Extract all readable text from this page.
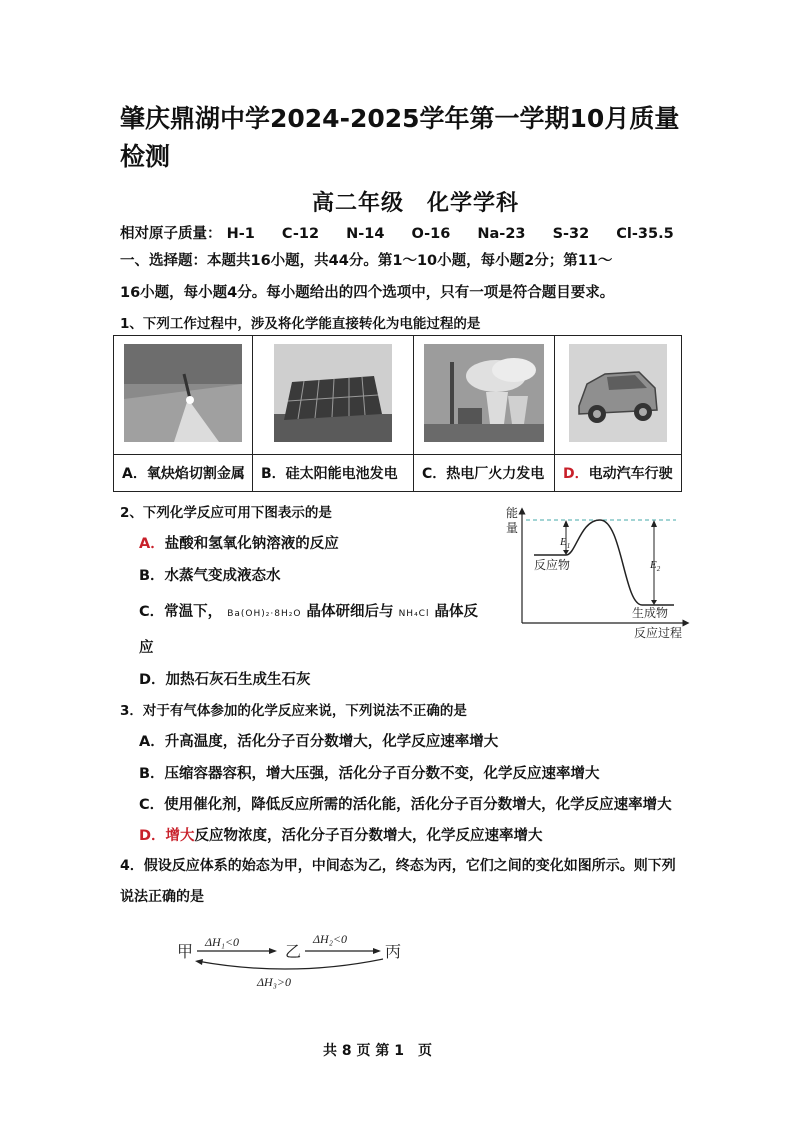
肇庆鼎湖中学2024-2025学年第一学期10月质量检测
高二年级　化学学科
相对原子质量： H-1 C-12 N-14 O-16 Na-23 S-32 Cl-35.5
一、选择题：本题共16小题，共44分。第1～10小题，每小题2分；第11～
16小题，每小题4分。每小题给出的四个选项中，只有一项是符合题目要求。
1、下列工作过程中，涉及将化学能直接转化为电能过程的是

A．氧炔焰切割金属	B．硅太阳能电池发电	C．热电厂火力发电	D．电动汽车行驶
2、下列化学反应可用下图表示的是
A．盐酸和氢氧化钠溶液的反应
B．水蒸气变成液态水
C．常温下， Ba(OH)₂·8H₂O 晶体研细后与 NH₄Cl 晶体反
应
D．加热石灰石生成生石灰
能
量
$E_1$
$E_2$
反应物
生成物
反应过程
3．对于有气体参加的化学反应来说，下列说法不正确的是
A．升高温度，活化分子百分数增大，化学反应速率增大
B．压缩容器容积，增大压强，活化分子百分数不变，化学反应速率增大
C．使用催化剂，降低反应所需的活化能，活化分子百分数增大，化学反应速率增大
D．增大反应物浓度，活化分子百分数增大，化学反应速率增大
4．假设反应体系的始态为甲，中间态为乙，终态为丙，它们之间的变化如图所示。则下列
说法正确的是
甲	乙	丙
ΔH₁<0	ΔH₂<0
ΔH₃>0
共 8 页 第 1　页
